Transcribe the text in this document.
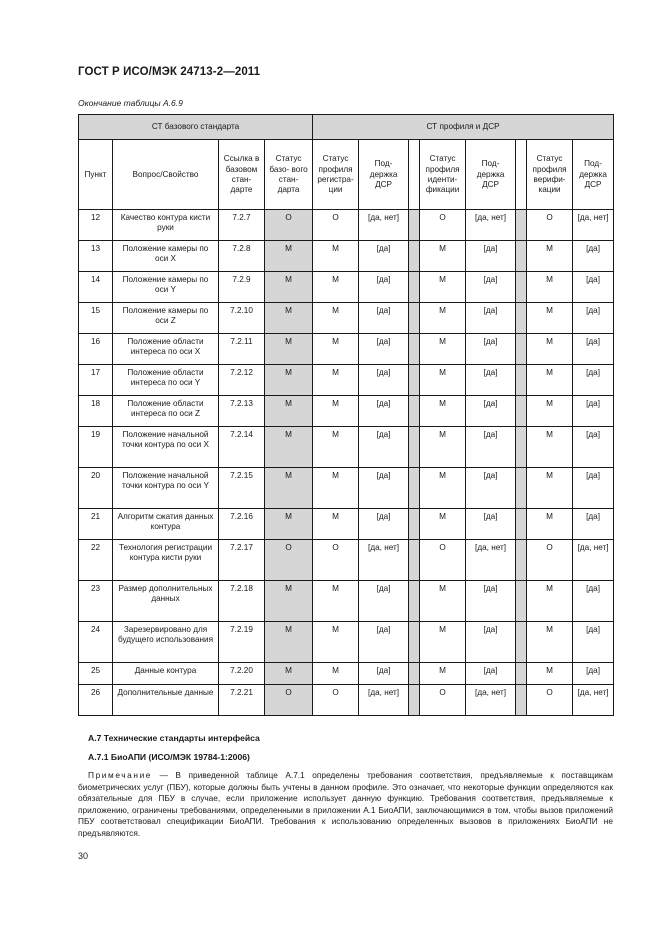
ГОСТ Р ИСО/МЭК 24713-2—2011
Окончание таблицы А.6.9
СТ базового стандарта				СТ профиля и ДСР							
Пункт	Вопрос/Свойство	Ссылка в базовом стан- дарте	Статус базо- вого стан- дарта	Статус профиля регистра- ции	Под- держка ДСР		Статус профиля иденти- фикации	Под- держка ДСР		Статус профиля верифи- кации	Под- держка ДСР
12	Качество контура кисти руки	7.2.7	O	O	[да, нет]		O	[да, нет]		O	[да, нет]
13	Положение камеры по оси X	7.2.8	M	M	[да]		M	[да]		M	[да]
14	Положение камеры по оси Y	7.2.9	M	M	[да]		M	[да]		M	[да]
15	Положение камеры по оси Z	7.2.10	M	M	[да]		M	[да]		M	[да]
16	Положение области интереса по оси X	7.2.11	M	M	[да]		M	[да]		M	[да]
17	Положение области интереса по оси Y	7.2.12	M	M	[да]		M	[да]		M	[да]
18	Положение области интереса по оси Z	7.2.13	M	M	[да]		M	[да]		M	[да]
19	Положение начальной точки контура по оси X	7.2.14	M	M	[да]		M	[да]		M	[да]
20	Положение начальной точки контура по оси Y	7.2.15	M	M	[да]		M	[да]		M	[да]
21	Алгоритм сжатия данных контура	7.2.16	M	M	[да]		M	[да]		M	[да]
22	Технология регистрации контура кисти руки	7.2.17	O	O	[да, нет]		O	[да, нет]		O	[да, нет]
23	Размер дополнительных данных	7.2.18	M	M	[да]		M	[да]		M	[да]
24	Зарезервировано для будущего использования	7.2.19	M	M	[да]		M	[да]		M	[да]
25	Данные контура	7.2.20	M	M	[да]		M	[да]		M	[да]
26	Дополнительные данные	7.2.21	O	O	[да, нет]		O	[да, нет]		O	[да, нет]
А.7 Технические стандарты интерфейса
А.7.1 БиоАПИ (ИСО/МЭК 19784-1:2006)
Примечание — В приведенной таблице А.7.1 определены требования соответствия, предъявляемые к поставщикам биометрических услуг (ПБУ), которые должны быть учтены в данном профиле. Это означает, что некоторые функции определяются как обязательные для ПБУ в случае, если приложение использует данную функцию. Требования соответствия, предъявляемые к приложению, ограничены требованиями, определенными в приложении А.1 БиоАПИ, заключающимися в том, чтобы вызов приложений ПБУ соответствовал спецификации БиоАПИ. Требования к использованию определенных вызовов в приложениях БиоАПИ не предъявляются.
30
